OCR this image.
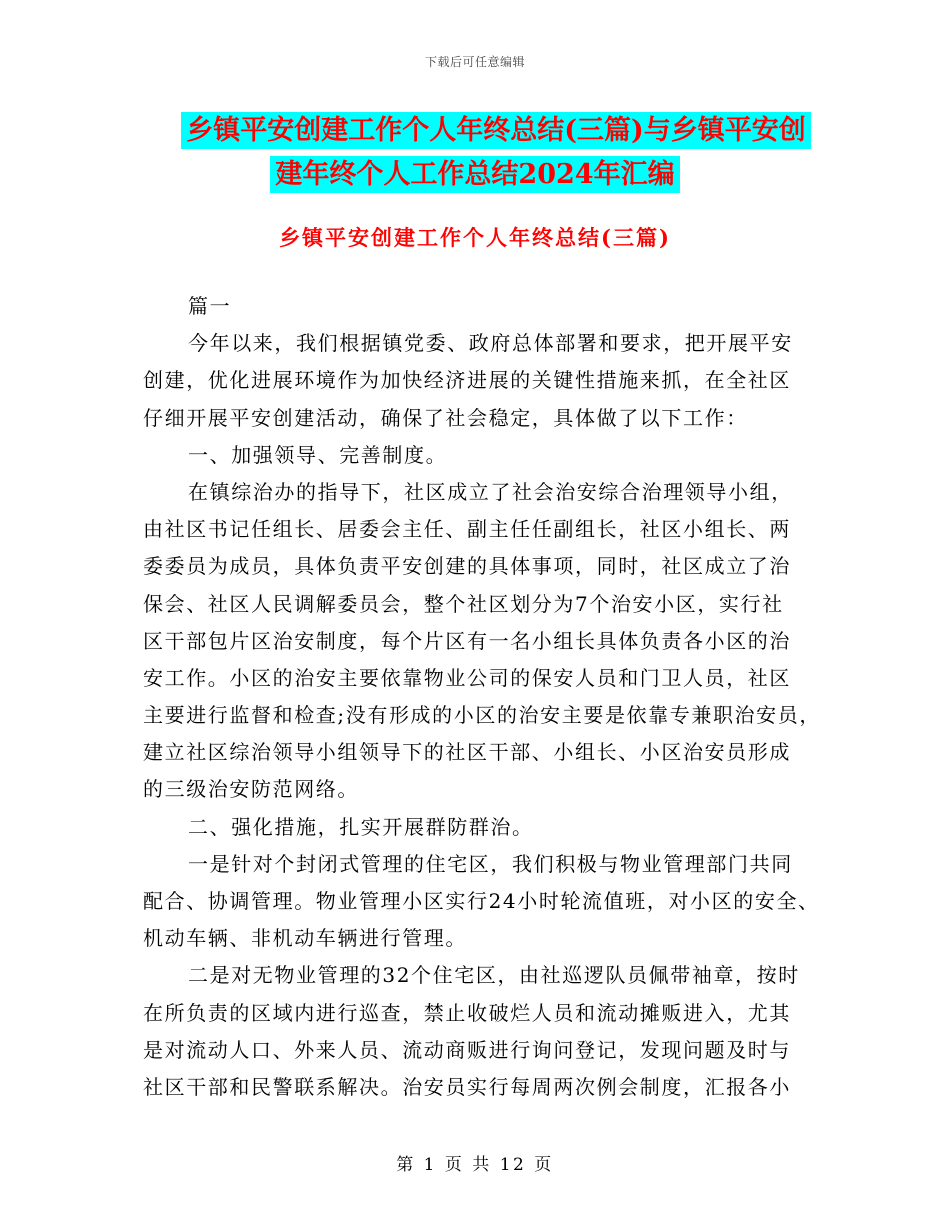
下载后可任意编辑
乡镇平安创建工作个人年终总结(三篇)与乡镇平安创
建年终个人工作总结2024年汇编
乡镇平安创建工作个人年终总结(三篇)
篇一
今年以来，我们根据镇党委、政府总体部署和要求，把开展平安
创建，优化进展环境作为加快经济进展的关键性措施来抓，在全社区
仔细开展平安创建活动，确保了社会稳定，具体做了以下工作：
一、加强领导、完善制度。
在镇综治办的指导下，社区成立了社会治安综合治理领导小组，
由社区书记任组长、居委会主任、副主任任副组长，社区小组长、两
委委员为成员，具体负责平安创建的具体事项，同时，社区成立了治
保会、社区人民调解委员会，整个社区划分为7个治安小区，实行社
区干部包片区治安制度，每个片区有一名小组长具体负责各小区的治
安工作。小区的治安主要依靠物业公司的保安人员和门卫人员，社区
主要进行监督和检查;没有形成的小区的治安主要是依靠专兼职治安员，
建立社区综治领导小组领导下的社区干部、小组长、小区治安员形成
的三级治安防范网络。
二、强化措施，扎实开展群防群治。
一是针对个封闭式管理的住宅区，我们积极与物业管理部门共同
配合、协调管理。物业管理小区实行24小时轮流值班，对小区的安全、
机动车辆、非机动车辆进行管理。
二是对无物业管理的32个住宅区，由社巡逻队员佩带袖章，按时
在所负责的区域内进行巡查，禁止收破烂人员和流动摊贩进入，尤其
是对流动人口、外来人员、流动商贩进行询问登记，发现问题及时与
社区干部和民警联系解决。治安员实行每周两次例会制度，汇报各小
第 1 页 共 12 页
